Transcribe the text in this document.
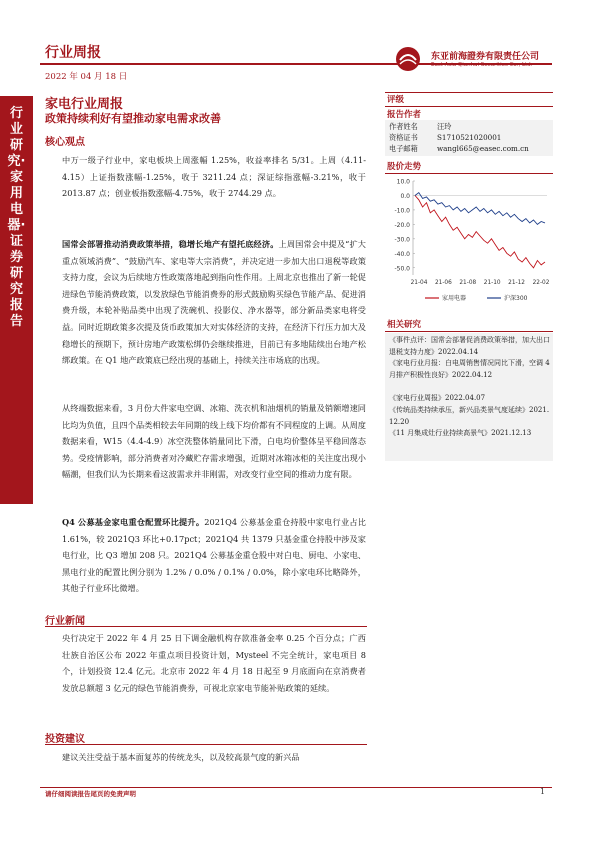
行业周报
2022 年 04 月 18 日
东亚前海證券有限责任公司
East Asia Qianhai Securities Co., Ltd.
行业研究·家用电器·证券研究报告
家电行业周报
政策持续利好有望推动家电需求改善
核心观点
中万一级子行业中，家电板块上周涨幅 1.25%，收益率排名 5/31。上周（4.11-4.15）上证指数涨幅-1.25%，收于 3211.24 点；深证综指涨幅-3.21%，收于 2013.87 点；创业板指数涨幅-4.75%，收于 2744.29 点。
国常会部署推动消费政策举措，稳增长地产有望托底经济。上周国常会中提及“扩大重点领域消费”、“鼓励汽车、家电等大宗消费”，并决定进一步加大出口退税等政策支持力度，会议为后续地方性政策落地起到指向性作用。上周北京也推出了新一轮促进绿色节能消费政策，以发放绿色节能消费券的形式鼓励购买绿色节能产品、促进消费升级，本轮补贴品类中出现了洗碗机、投影仪、净水器等，部分新品类家电将受益。同时近期政策多次提及货币政策加大对实体经济的支持，在经济下行压力加大及稳增长的预期下，预计房地产政策松绑仍会继续推进，目前已有多地陆续出台地产松绑政策。在 Q1 地产政策底已经出现的基础上，持续关注市场底的出现。
从终端数据来看，3 月份大件家电空调、冰箱、洗衣机和油烟机的销量及销额增速同比均为负值，且四个品类相较去年同期的线上线下均价都有不同程度的上调。从周度数据来看，W15（4.4-4.9）冰空洗整体销量同比下滑，白电均价整体呈平稳回落态势。受疫情影响，部分消费者对冷藏贮存需求增强，近期对冰箱冰柜的关注度出现小幅潮，但我们认为长期来看这波需求并非刚需，对改变行业空间的推动力度有限。
Q4 公募基金家电重仓配置环比提升。2021Q4 公募基金重仓持股中家电行业占比 1.61%，较 2021Q3 环比+0.17pct；2021Q4 共 1379 只基金重仓持股中涉及家电行业，比 Q3 增加 208 只。2021Q4 公募基金重仓股中对白电、厨电、小家电、黑电行业的配置比例分别为 1.2% / 0.0% / 0.1% / 0.0%，除小家电环比略降外，其他子行业环比微增。
行业新闻
央行决定于 2022 年 4 月 25 日下调金融机构存款准备金率 0.25 个百分点；广西壮族自治区公布 2022 年重点项目投资计划，Mysteel 不完全统计，家电项目 8 个，计划投资 12.4 亿元。北京市 2022 年 4 月 18 日起至 9 月底面向在京消费者发放总额超 3 亿元的绿色节能消费券，可视北京家电节能补贴政策的延续。
投资建议
建议关注受益于基本面复苏的传统龙头，以及较高景气度的新兴品
评级
报告作者
作者姓名	汪玲
资格证书	S1710521020001
电子邮箱	wangl665@easec.com.cn
股价走势
10.0
0.0
-10.0
-20.0
-30.0
-40.0
-50.0
21-04 21-06 21-08 21-10 21-12 22-02
家用电器	沪深300
相关研究
《事件点评：国常会部署促消费政策举措，加大出口退税支持力度》2022.04.14
《家电行业月报：白电周销售情况同比下滑，空调 4 月排产积极性良好》2022.04.12
《家电行业周报》2022.04.07
《传统品类持续承压，新兴品类景气度延续》2021.12.20
《11 月集成灶行业持续高景气》2021.12.13
请仔细阅读报告尾页的免责声明	1
